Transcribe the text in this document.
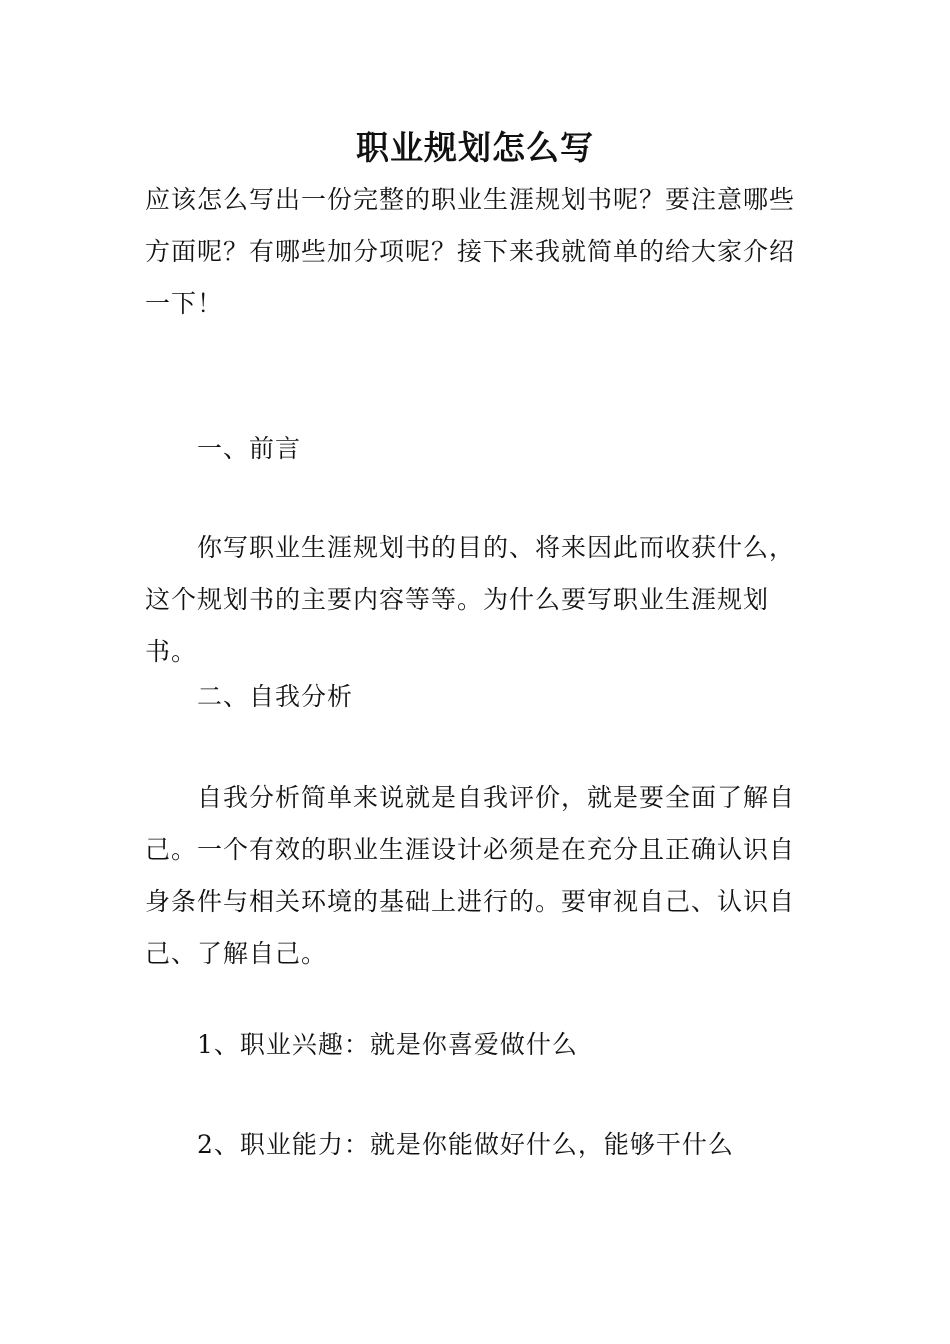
职业规划怎么写

应该怎么写出一份完整的职业生涯规划书呢？要注意哪些方面呢？有哪些加分项呢？接下来我就简单的给大家介绍一下！

一、前言

你写职业生涯规划书的目的、将来因此而收获什么，这个规划书的主要内容等等。为什么要写职业生涯规划书。

二、自我分析

自我分析简单来说就是自我评价，就是要全面了解自己。一个有效的职业生涯设计必须是在充分且正确认识自身条件与相关环境的基础上进行的。要审视自己、认识自己、了解自己。

1、职业兴趣：就是你喜爱做什么
2、职业能力：就是你能做好什么，能够干什么
